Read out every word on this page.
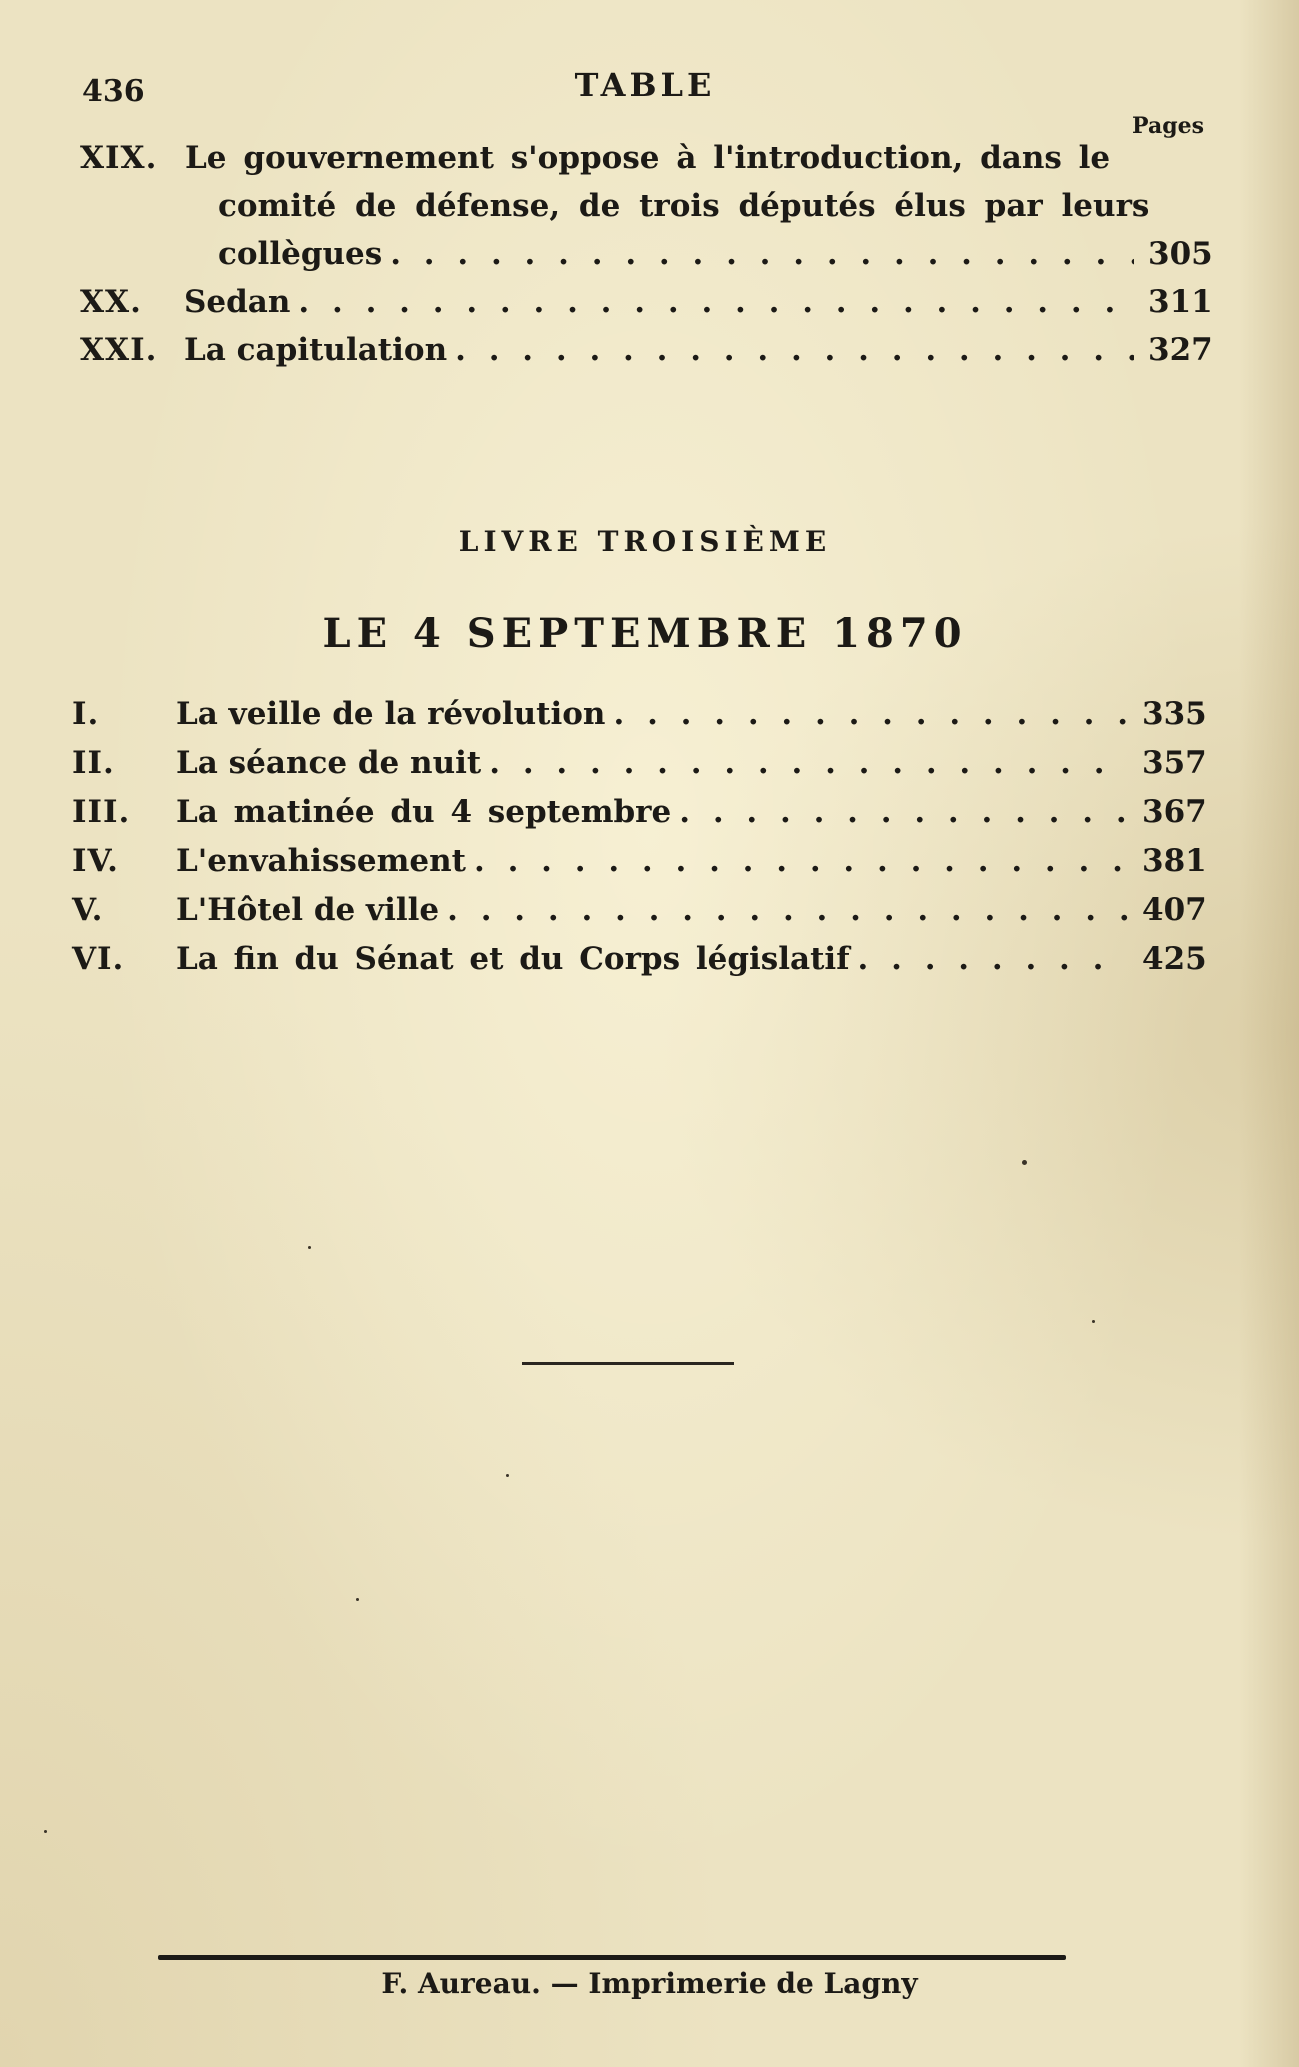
436	TABLE
Pages
XIX. Le gouvernement s'oppose à l'introduction, dans le
comité de défense, de trois députés élus par leurs
collègues . . .	305
XX.	Sedan . . .	311
XXI. La capitulation . . .	327
LIVRE TROISIÈME
LE 4 SEPTEMBRE 1870
I.	La veille de la révolution . . .	335
II.	La séance de nuit . . .	357
III.	La matinée du 4 septembre . . .	367
IV.	L'envahissement . . .	381
V.	L'Hôtel de ville . . .	407
VI.	La fin du Sénat et du Corps législatif . . .	425
F. Aureau. — Imprimerie de Lagny
